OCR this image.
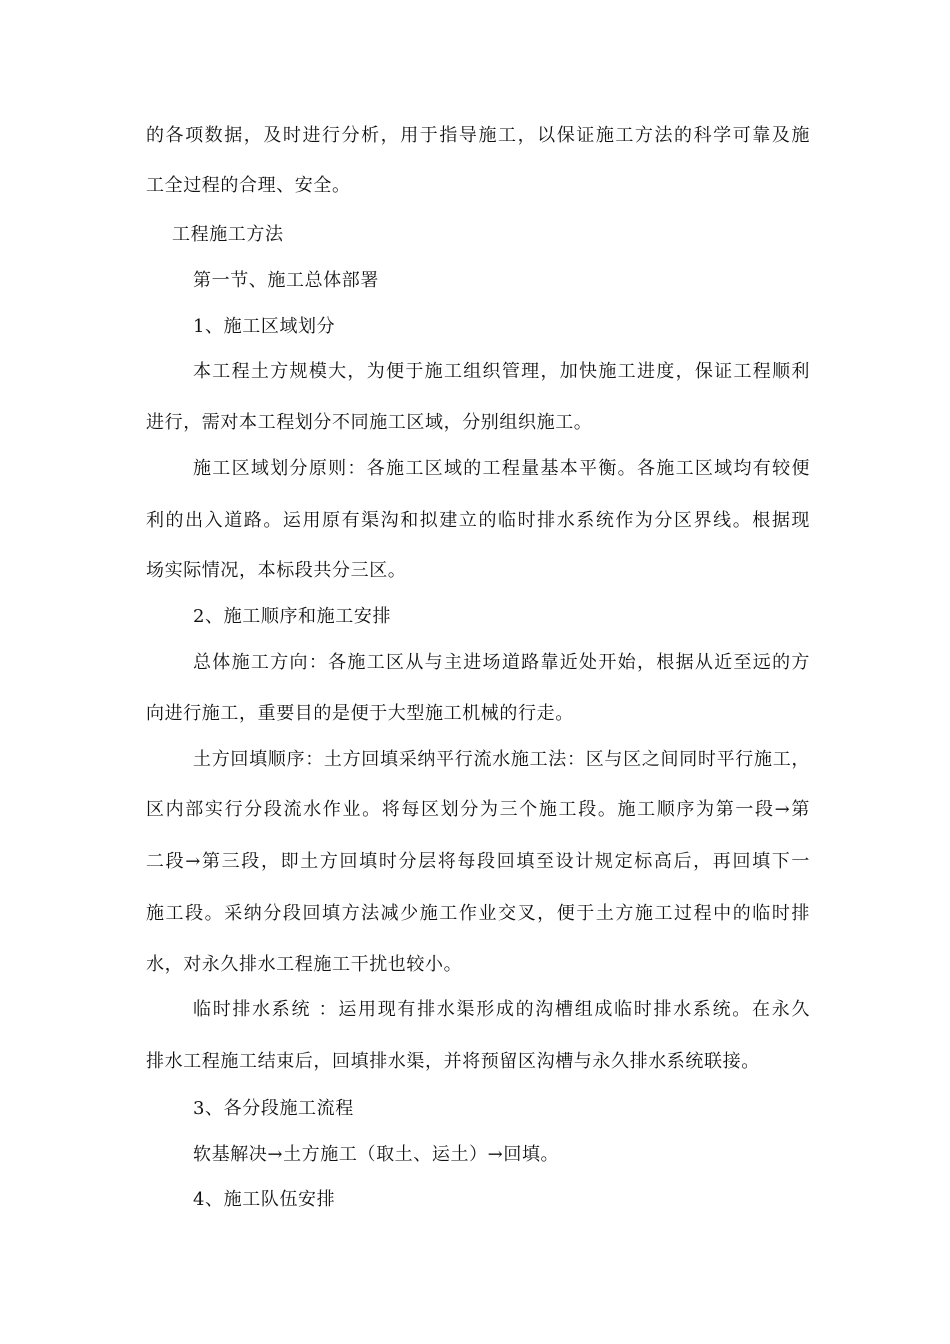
的各项数据，及时进行分析，用于指导施工，以保证施工方法的科学可靠及施
工全过程的合理、安全。
工程施工方法
第一节、施工总体部署
1、施工区域划分
本工程土方规模大，为便于施工组织管理，加快施工进度，保证工程顺利
进行，需对本工程划分不同施工区域，分别组织施工。
施工区域划分原则：各施工区域的工程量基本平衡。各施工区域均有较便
利的出入道路。运用原有渠沟和拟建立的临时排水系统作为分区界线。根据现
场实际情况，本标段共分三区。
2、施工顺序和施工安排
总体施工方向：各施工区从与主进场道路靠近处开始，根据从近至远的方
向进行施工，重要目的是便于大型施工机械的行走。
土方回填顺序：土方回填采纳平行流水施工法：区与区之间同时平行施工，
区内部实行分段流水作业。将每区划分为三个施工段。施工顺序为第一段→第
二段→第三段，即土方回填时分层将每段回填至设计规定标高后，再回填下一
施工段。采纳分段回填方法减少施工作业交叉，便于土方施工过程中的临时排
水，对永久排水工程施工干扰也较小。
临时排水系统 ：运用现有排水渠形成的沟槽组成临时排水系统。在永久
排水工程施工结束后，回填排水渠，并将预留区沟槽与永久排水系统联接。
3、各分段施工流程
软基解决→土方施工（取土、运土）→回填。
4、施工队伍安排
